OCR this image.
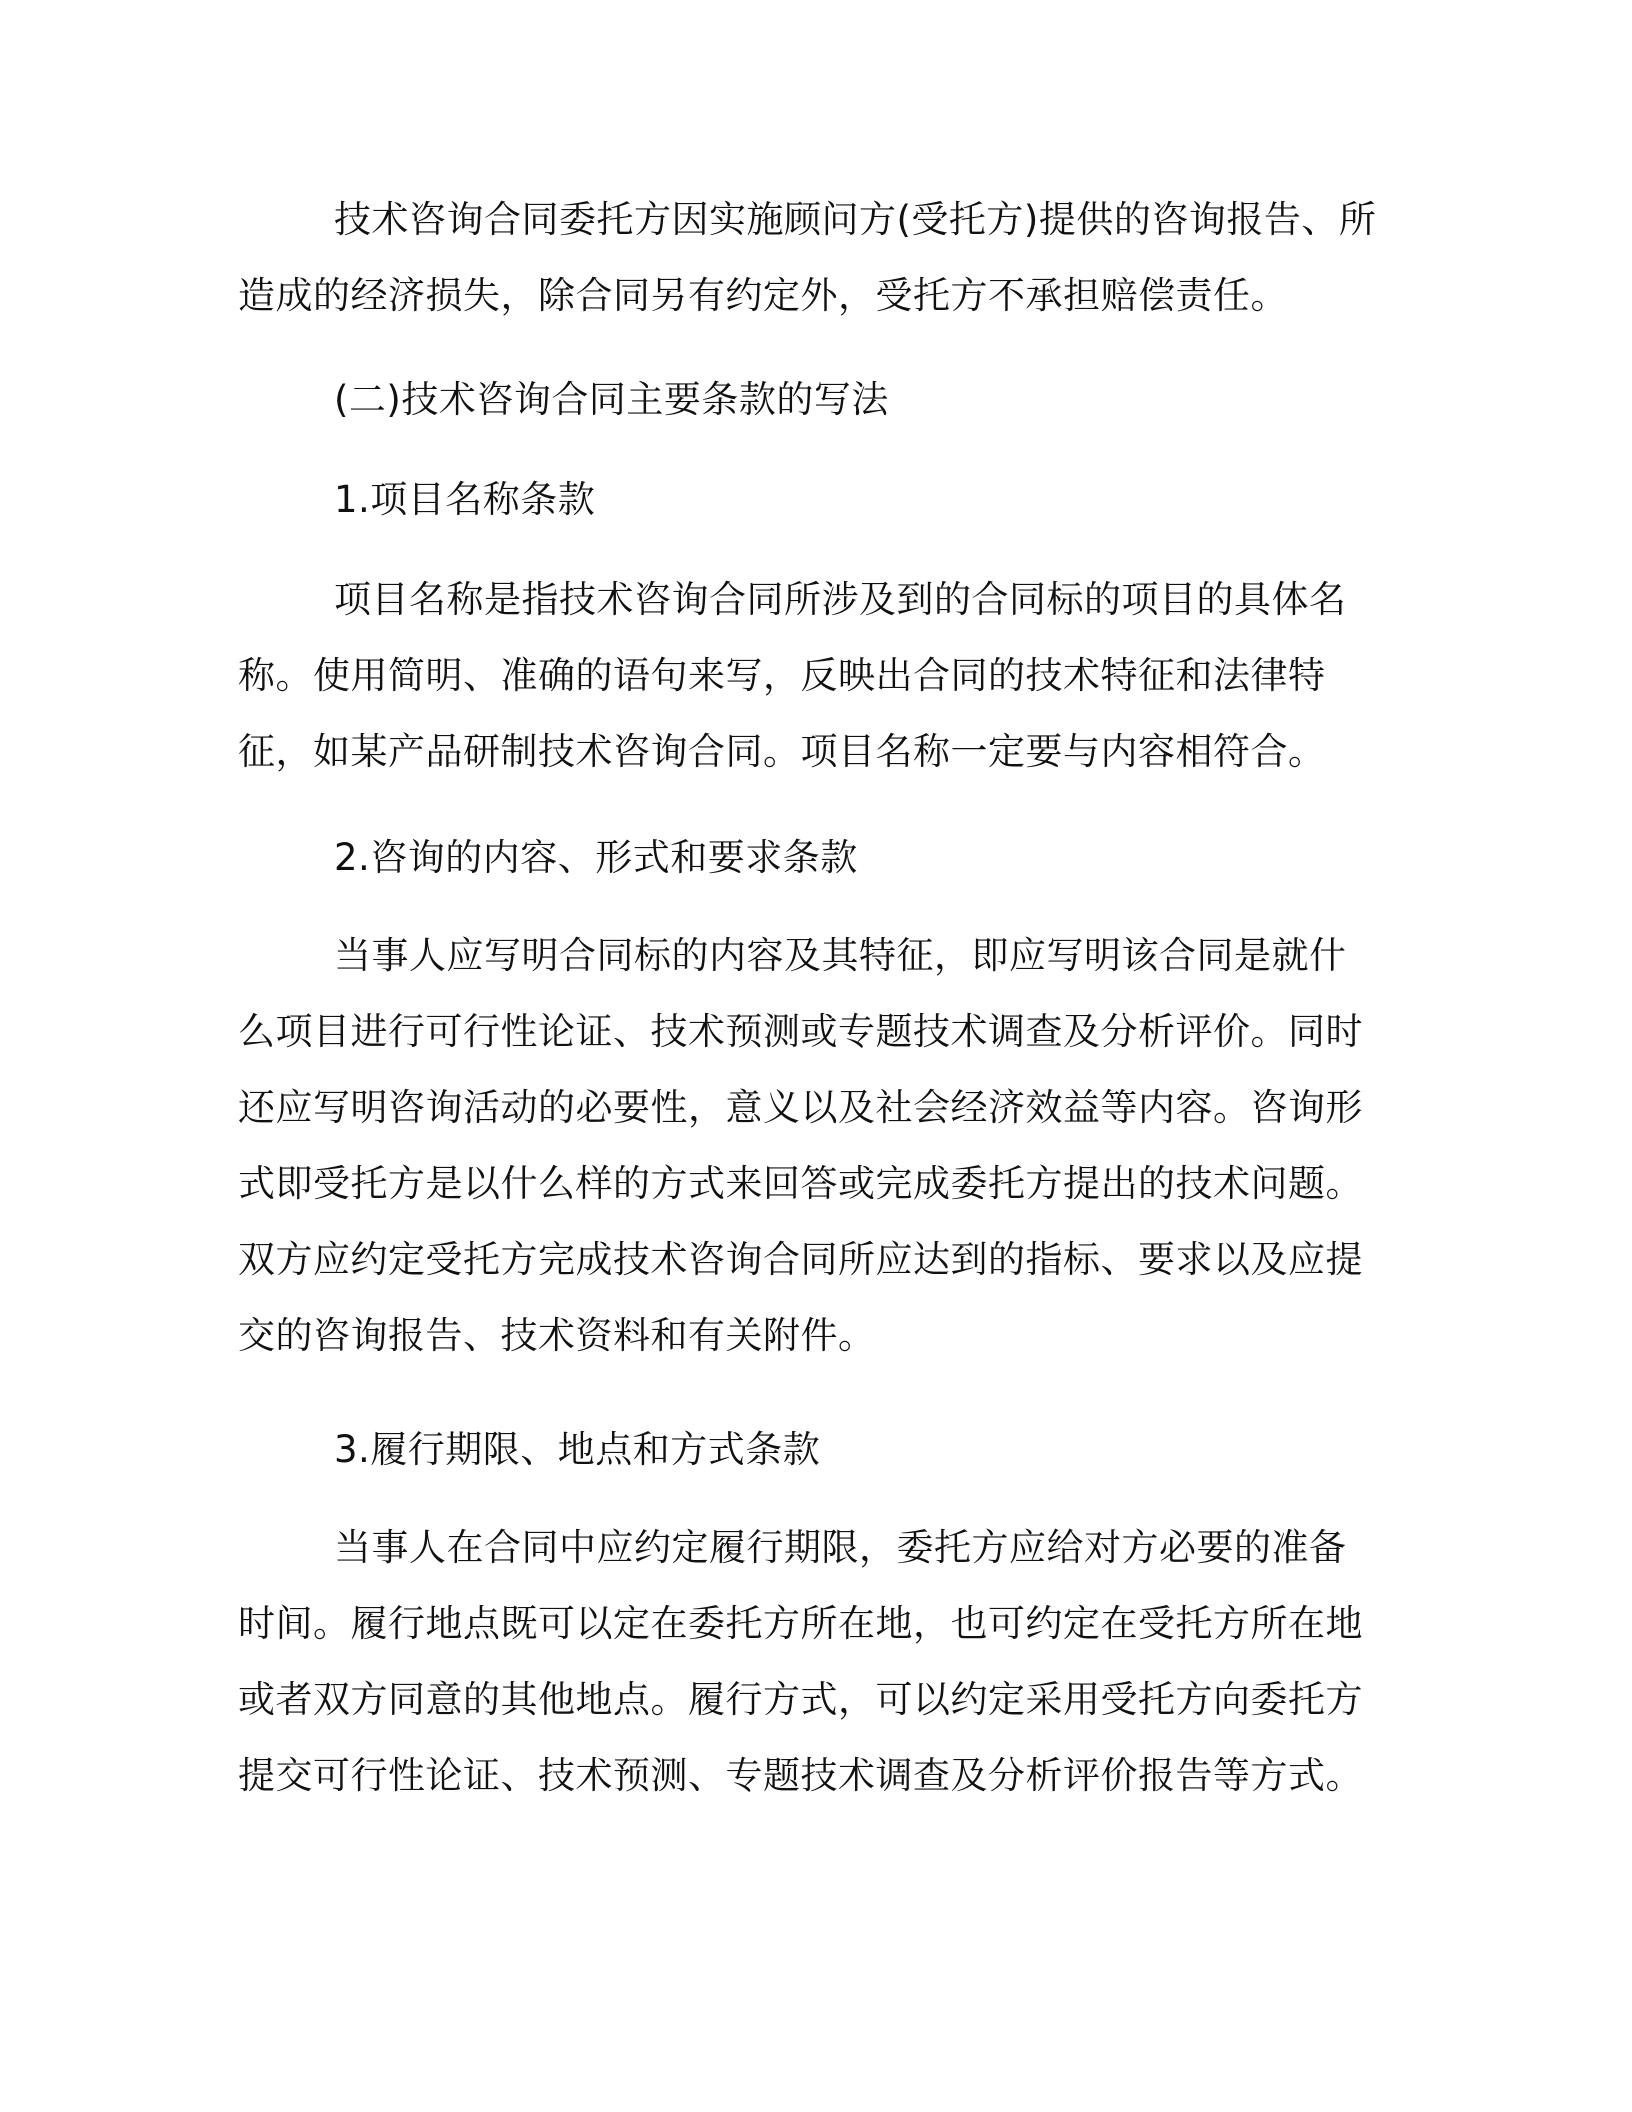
技术咨询合同委托方因实施顾问方(受托方)提供的咨询报告、所造成的经济损失，除合同另有约定外，受托方不承担赔偿责任。

(二)技术咨询合同主要条款的写法

1.项目名称条款

项目名称是指技术咨询合同所涉及到的合同标的项目的具体名称。使用简明、准确的语句来写，反映出合同的技术特征和法律特征，如某产品研制技术咨询合同。项目名称一定要与内容相符合。

2.咨询的内容、形式和要求条款

当事人应写明合同标的内容及其特征，即应写明该合同是就什么项目进行可行性论证、技术预测或专题技术调查及分析评价。同时还应写明咨询活动的必要性，意义以及社会经济效益等内容。咨询形式即受托方是以什么样的方式来回答或完成委托方提出的技术问题。双方应约定受托方完成技术咨询合同所应达到的指标、要求以及应提交的咨询报告、技术资料和有关附件。

3.履行期限、地点和方式条款

当事人在合同中应约定履行期限，委托方应给对方必要的准备时间。履行地点既可以定在委托方所在地，也可约定在受托方所在地或者双方同意的其他地点。履行方式，可以约定采用受托方向委托方提交可行性论证、技术预测、专题技术调查及分析评价报告等方式。
